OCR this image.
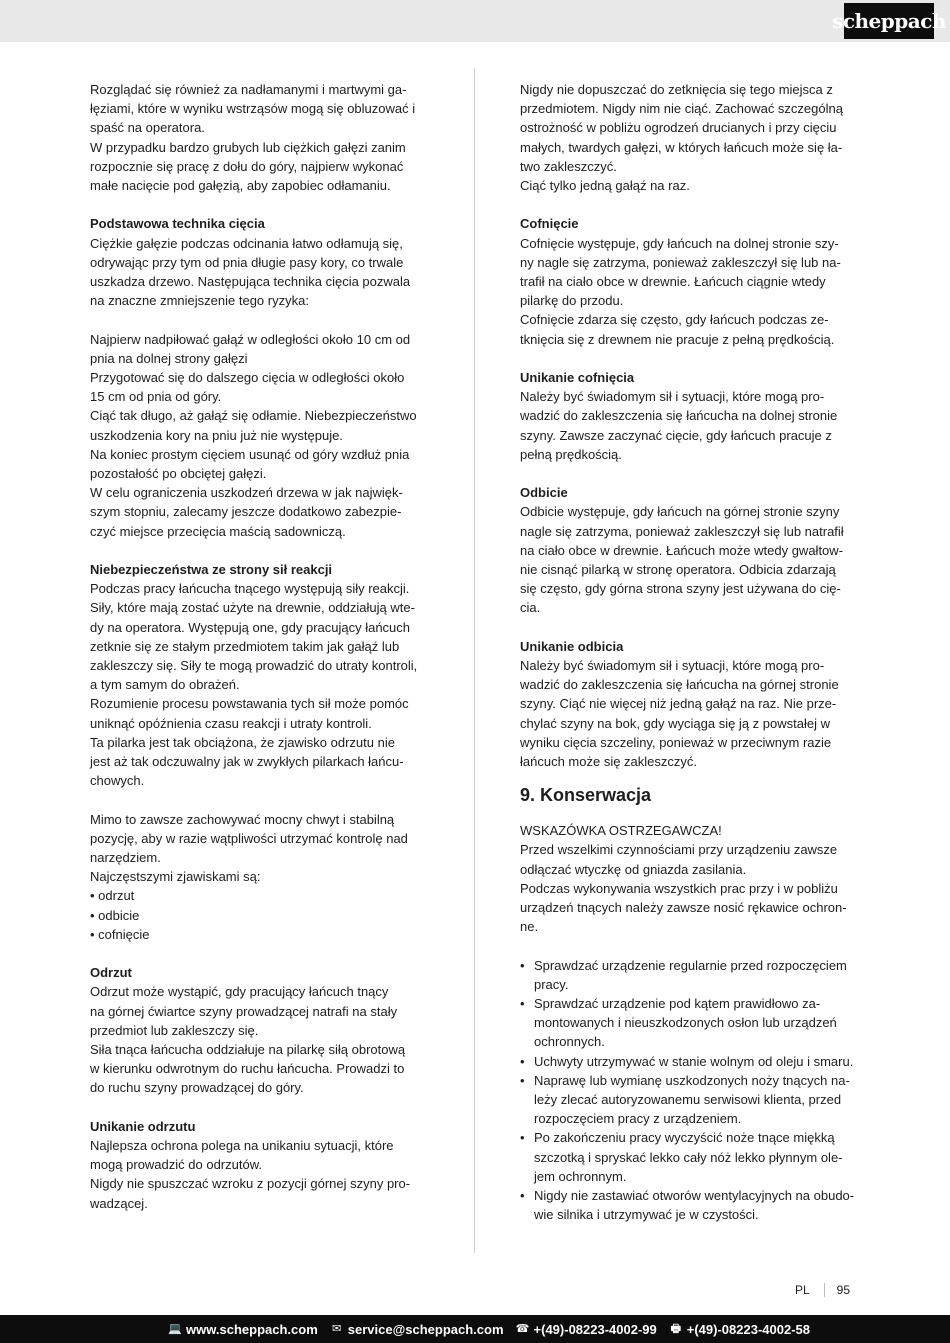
scheppach

Rozglądać się również za nadłamanymi i martwymi ga-
łęziami, które w wyniku wstrząsów mogą się obluzować i
spaść na operatora.
W przypadku bardzo grubych lub ciężkich gałęzi zanim
rozpocznie się pracę z dołu do góry, najpierw wykonać
małe nacięcie pod gałęzią, aby zapobiec odłamaniu.

Podstawowa technika cięcia

Ciężkie gałęzie podczas odcinania łatwo odłamują się,
odrywając przy tym od pnia długie pasy kory, co trwale
uszkadza drzewo. Następująca technika cięcia pozwala
na znaczne zmniejszenie tego ryzyka:

Najpierw nadpiłować gałąź w odległości około 10 cm od
pnia na dolnej strony gałęzi
Przygotować się do dalszego cięcia w odległości około
15 cm od pnia od góry.
Ciąć tak długo, aż gałąź się odłamie. Niebezpieczeństwo
uszkodzenia kory na pniu już nie występuje.
Na koniec prostym cięciem usunąć od góry wzdłuż pnia
pozostałość po obciętej gałęzi.
W celu ograniczenia uszkodzeń drzewa w jak najwięk-
szym stopniu, zalecamy jeszcze dodatkowo zabezpie-
czyć miejsce przecięcia maścią sadowniczą.

Niebezpieczeństwa ze strony sił reakcji

Podczas pracy łańcucha tnącego występują siły reakcji.
Siły, które mają zostać użyte na drewnie, oddziałują wte-
dy na operatora. Występują one, gdy pracujący łańcuch
zetknie się ze stałym przedmiotem takim jak gałąź lub
zakleszczy się. Siły te mogą prowadzić do utraty kontroli,
a tym samym do obrażeń.
Rozumienie procesu powstawania tych sił może pomóc
uniknąć opóźnienia czasu reakcji i utraty kontroli.
Ta pilarka jest tak obciążona, że zjawisko odrzutu nie
jest aż tak odczuwalny jak w zwykłych pilarkach łańcu-
chowych.

Mimo to zawsze zachowywać mocny chwyt i stabilną
pozycję, aby w razie wątpliwości utrzymać kontrolę nad
narzędziem.
Najczęstszymi zjawiskami są:

• odrzut
• odbicie
• cofnięcie

Odrzut

Odrzut może wystąpić, gdy pracujący łańcuch tnący
na górnej ćwiartce szyny prowadzącej natrafi na stały
przedmiot lub zakleszczy się.
Siła tnąca łańcucha oddziałuje na pilarkę siłą obrotową
w kierunku odwrotnym do ruchu łańcucha. Prowadzi to
do ruchu szyny prowadzącej do góry.

Unikanie odrzutu

Najlepsza ochrona polega na unikaniu sytuacji, które
mogą prowadzić do odrzutów.
Nigdy nie spuszczać wzroku z pozycji górnej szyny pro-
wadzącej.

Nigdy nie dopuszczać do zetknięcia się tego miejsca z
przedmiotem. Nigdy nim nie ciąć. Zachować szczególną
ostrożność w pobliżu ogrodzeń drucianych i przy cięciu
małych, twardych gałęzi, w których łańcuch może się ła-
two zakleszczyć.
Ciąć tylko jedną gałąź na raz.

Cofnięcie

Cofnięcie występuje, gdy łańcuch na dolnej stronie szy-
ny nagle się zatrzyma, ponieważ zakleszczył się lub na-
trafił na ciało obce w drewnie. Łańcuch ciągnie wtedy
pilarkę do przodu.
Cofnięcie zdarza się często, gdy łańcuch podczas ze-
tknięcia się z drewnem nie pracuje z pełną prędkością.

Unikanie cofnięcia

Należy być świadomym sił i sytuacji, które mogą pro-
wadzić do zakleszczenia się łańcucha na dolnej stronie
szyny. Zawsze zaczynać cięcie, gdy łańcuch pracuje z
pełną prędkością.

Odbicie

Odbicie występuje, gdy łańcuch na górnej stronie szyny
nagle się zatrzyma, ponieważ zakleszczył się lub natrafił
na ciało obce w drewnie. Łańcuch może wtedy gwałtow-
nie cisnąć pilarką w stronę operatora. Odbicia zdarzają
się często, gdy górna strona szyny jest używana do cię-
cia.

Unikanie odbicia

Należy być świadomym sił i sytuacji, które mogą pro-
wadzić do zakleszczenia się łańcucha na górnej stronie
szyny. Ciąć nie więcej niż jedną gałąź na raz. Nie prze-
chylać szyny na bok, gdy wyciąga się ją z powstałej w
wyniku cięcia szczeliny, ponieważ w przeciwnym razie
łańcuch może się zakleszczyć.

9. Konserwacja

WSKAZÓWKA OSTRZEGAWCZA!
Przed wszelkimi czynnościami przy urządzeniu zawsze
odłączać wtyczkę od gniazda zasilania.
Podczas wykonywania wszystkich prac przy i w pobliżu
urządzeń tnących należy zawsze nosić rękawice ochron-
ne.

• Sprawdzać urządzenie regularnie przed rozpoczęciem
pracy.
• Sprawdzać urządzenie pod kątem prawidłowo za-
montowanych i nieuszkodzonych osłon lub urządzeń
ochronnych.
• Uchwyty utrzymywać w stanie wolnym od oleju i smaru.
• Naprawę lub wymianę uszkodzonych noży tnących na-
leży zlecać autoryzowanemu serwisowi klienta, przed
rozpoczęciem pracy z urządzeniem.
• Po zakończeniu pracy wyczyścić noże tnące miękką
szczotką i spryskać lekko cały nóż lekko płynnym ole-
jem ochronnym.
• Nigdy nie zastawiać otworów wentylacyjnych na obudo-
wie silnika i utrzymywać je w czystości.
PL	95
💻 www.scheppach.com ✉ service@scheppach.com ☎ +(49)-08223-4002-99 🖶 +(49)-08223-4002-58
